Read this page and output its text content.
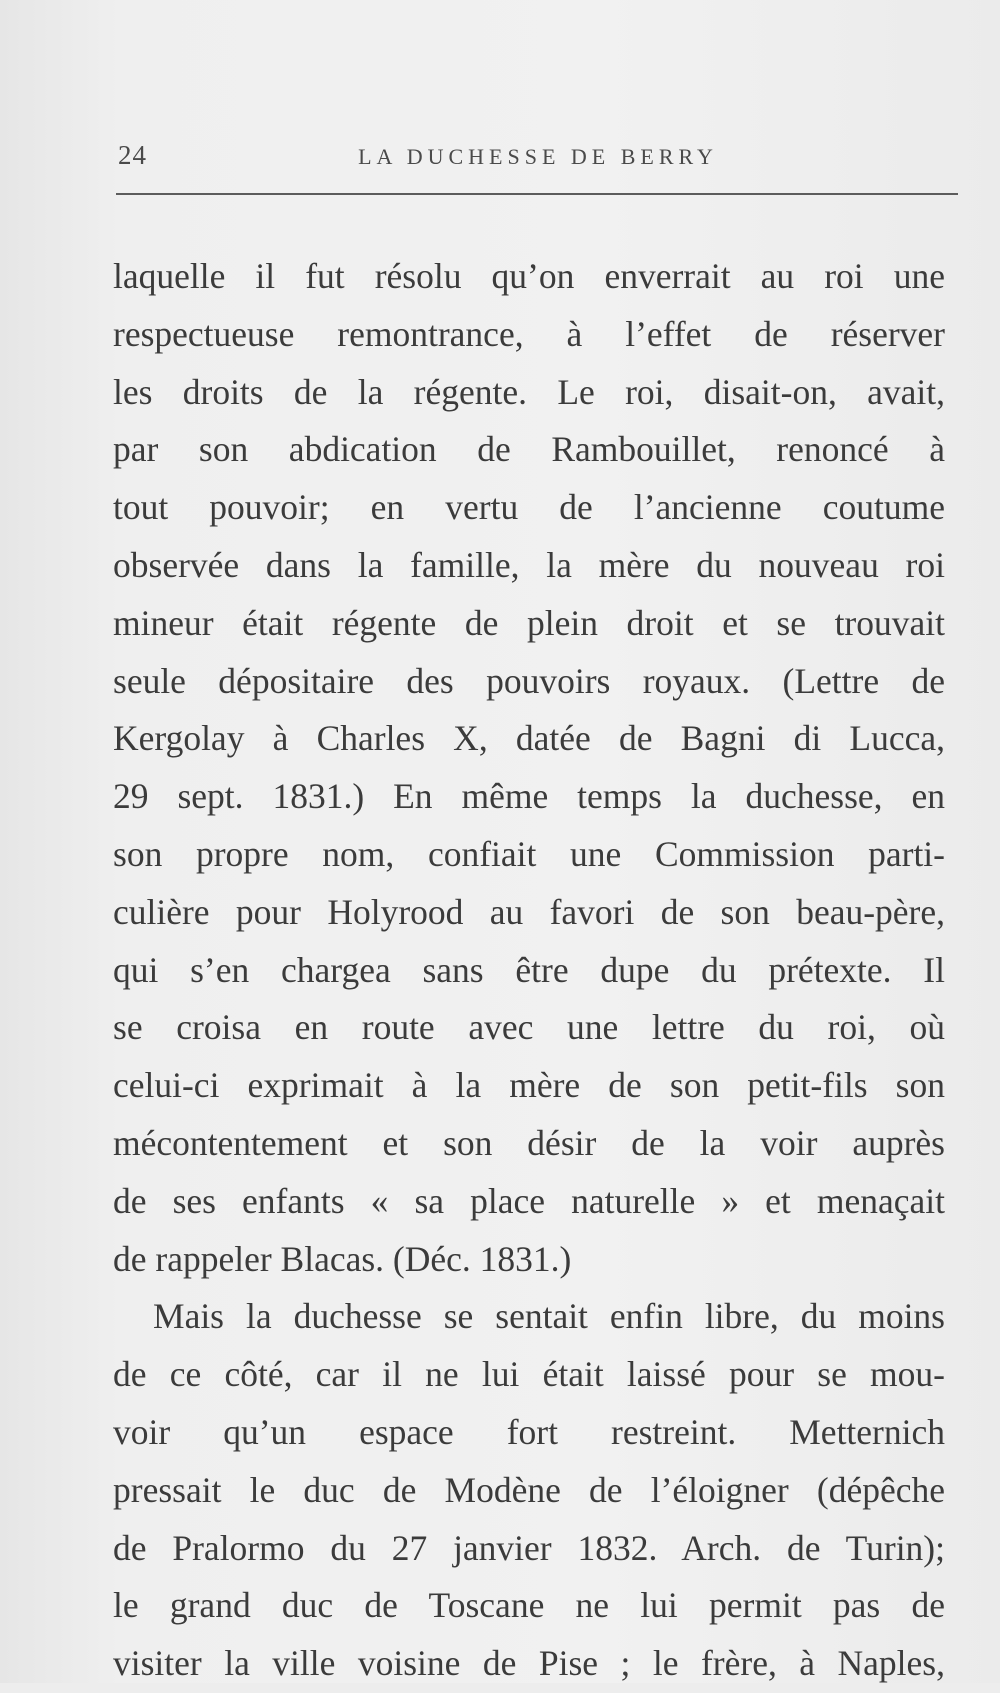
24	LA DUCHESSE DE BERRY
laquelle il fut résolu qu’on enverrait au roi une
respectueuse remontrance, à l’effet de réserver
les droits de la régente. Le roi, disait-on, avait,
par son abdication de Rambouillet, renoncé à
tout pouvoir; en vertu de l’ancienne coutume
observée dans la famille, la mère du nouveau roi
mineur était régente de plein droit et se trouvait
seule dépositaire des pouvoirs royaux. (Lettre de
Kergolay à Charles X, datée de Bagni di Lucca,
29 sept. 1831.) En même temps la duchesse, en
son propre nom, confiait une Commission parti-
culière pour Holyrood au favori de son beau-père,
qui s’en chargea sans être dupe du prétexte. Il
se croisa en route avec une lettre du roi, où
celui-ci exprimait à la mère de son petit-fils son
mécontentement et son désir de la voir auprès
de ses enfants « sa place naturelle » et menaçait
de rappeler Blacas. (Déc. 1831.)
Mais la duchesse se sentait enfin libre, du moins
de ce côté, car il ne lui était laissé pour se mou-
voir qu’un espace fort restreint. Metternich
pressait le duc de Modène de l’éloigner (dépêche
de Pralormo du 27 janvier 1832. Arch. de Turin);
le grand duc de Toscane ne lui permit pas de
visiter la ville voisine de Pise ; le frère, à Naples,
